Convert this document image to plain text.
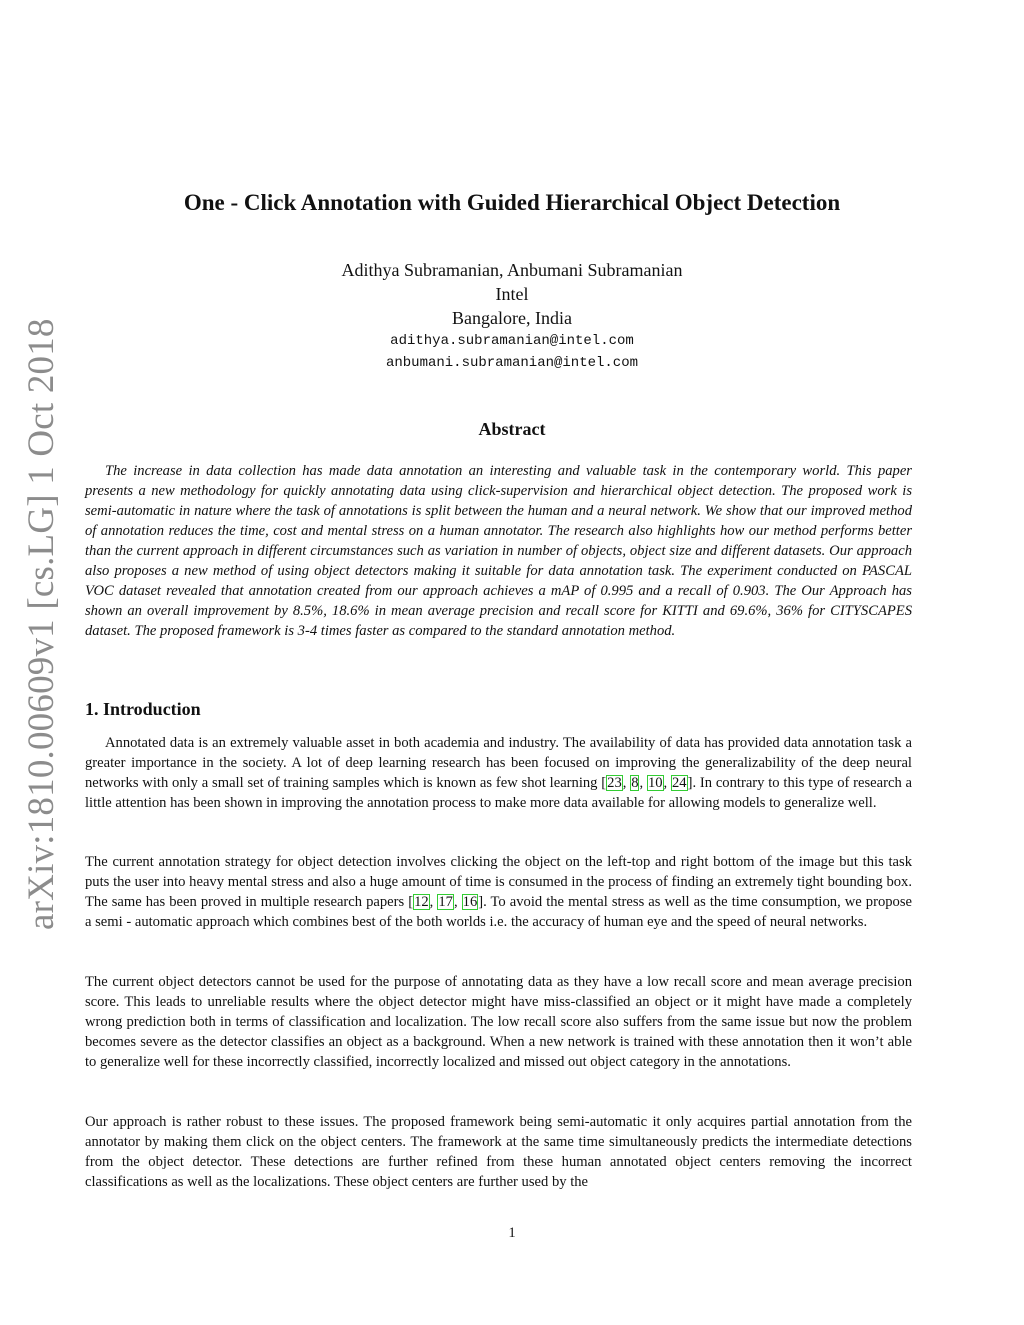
arXiv:1810.00609v1 [cs.LG] 1 Oct 2018
One - Click Annotation with Guided Hierarchical Object Detection
Adithya Subramanian, Anbumani Subramanian
Intel
Bangalore, India
adithya.subramanian@intel.com
anbumani.subramanian@intel.com
Abstract

The increase in data collection has made data annotation an interesting and valuable task in the contemporary world. This paper presents a new methodology for quickly annotating data using click-supervision and hierarchical object detection. The proposed work is semi-automatic in nature where the task of annotations is split between the human and a neural network. We show that our improved method of annotation reduces the time, cost and mental stress on a human annotator. The research also highlights how our method performs better than the current approach in different circumstances such as variation in number of objects, object size and different datasets. Our approach also proposes a new method of using object detectors making it suitable for data annotation task. The experiment conducted on PASCAL VOC dataset revealed that annotation created from our approach achieves a mAP of 0.995 and a recall of 0.903. The Our Approach has shown an overall improvement by 8.5%, 18.6% in mean average precision and recall score for KITTI and 69.6%, 36% for CITYSCAPES dataset. The proposed framework is 3-4 times faster as compared to the standard annotation method.

1. Introduction

Annotated data is an extremely valuable asset in both academia and industry. The availability of data has provided data annotation task a greater importance in the society. A lot of deep learning research has been focused on improving the generalizability of the deep neural networks with only a small set of training samples which is known as few shot learning [23, 8, 10, 24]. In contrary to this type of research a little attention has been shown in improving the annotation process to make more data available for allowing models to generalize well.

The current annotation strategy for object detection involves clicking the object on the left-top and right bottom of the image but this task puts the user into heavy mental stress and also a huge amount of time is consumed in the process of finding an extremely tight bounding box. The same has been proved in multiple research papers [12, 17, 16]. To avoid the mental stress as well as the time consumption, we propose a semi - automatic approach which combines best of the both worlds i.e. the accuracy of human eye and the speed of neural networks.

The current object detectors cannot be used for the purpose of annotating data as they have a low recall score and mean average precision score. This leads to unreliable results where the object detector might have miss-classified an object or it might have made a completely wrong prediction both in terms of classification and localization. The low recall score also suffers from the same issue but now the problem becomes severe as the detector classifies an object as a background. When a new network is trained with these annotation then it won’t able to generalize well for these incorrectly classified, incorrectly localized and missed out object category in the annotations.

Our approach is rather robust to these issues. The proposed framework being semi-automatic it only acquires partial annotation from the annotator by making them click on the object centers. The framework at the same time simultaneously predicts the intermediate detections from the object detector. These detections are further refined from these human annotated object centers removing the incorrect classifications as well as the localizations. These object centers are further used by the

1
